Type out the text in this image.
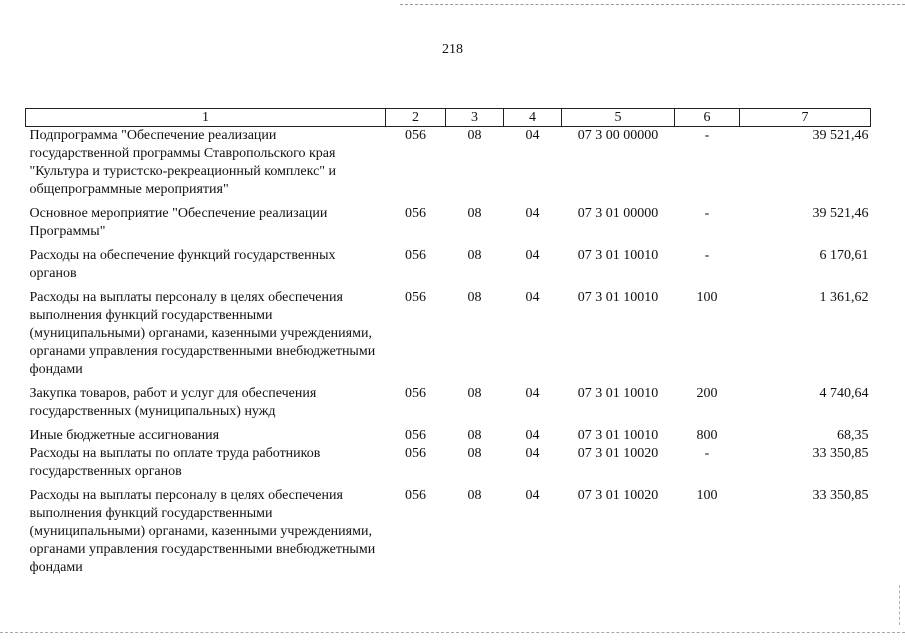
218
1	2	3	4	5	6	7
Подпрограмма "Обеспечение реализации государственной программы Ставропольского края "Культура и туристско-рекреационный комплекс" и общепрограммные мероприятия"	056	08	04	07 3 00 00000	-	39 521,46
Основное мероприятие "Обеспечение реализации Программы"	056	08	04	07 3 01 00000	-	39 521,46
Расходы на обеспечение функций государственных органов	056	08	04	07 3 01 10010	-	6 170,61
Расходы на выплаты персоналу в целях обеспечения выполнения функций государственными (муниципальными) органами, казенными учреждениями, органами управления государственными внебюджетными фондами	056	08	04	07 3 01 10010	100	1 361,62
Закупка товаров, работ и услуг для обеспечения государственных (муниципальных) нужд	056	08	04	07 3 01 10010	200	4 740,64
Иные бюджетные ассигнования	056	08	04	07 3 01 10010	800	68,35
Расходы на выплаты по оплате труда работников государственных органов	056	08	04	07 3 01 10020	-	33 350,85
Расходы на выплаты персоналу в целях обеспечения выполнения функций государственными (муниципальными) органами, казенными учреждениями, органами управления государственными внебюджетными фондами	056	08	04	07 3 01 10020	100	33 350,85
